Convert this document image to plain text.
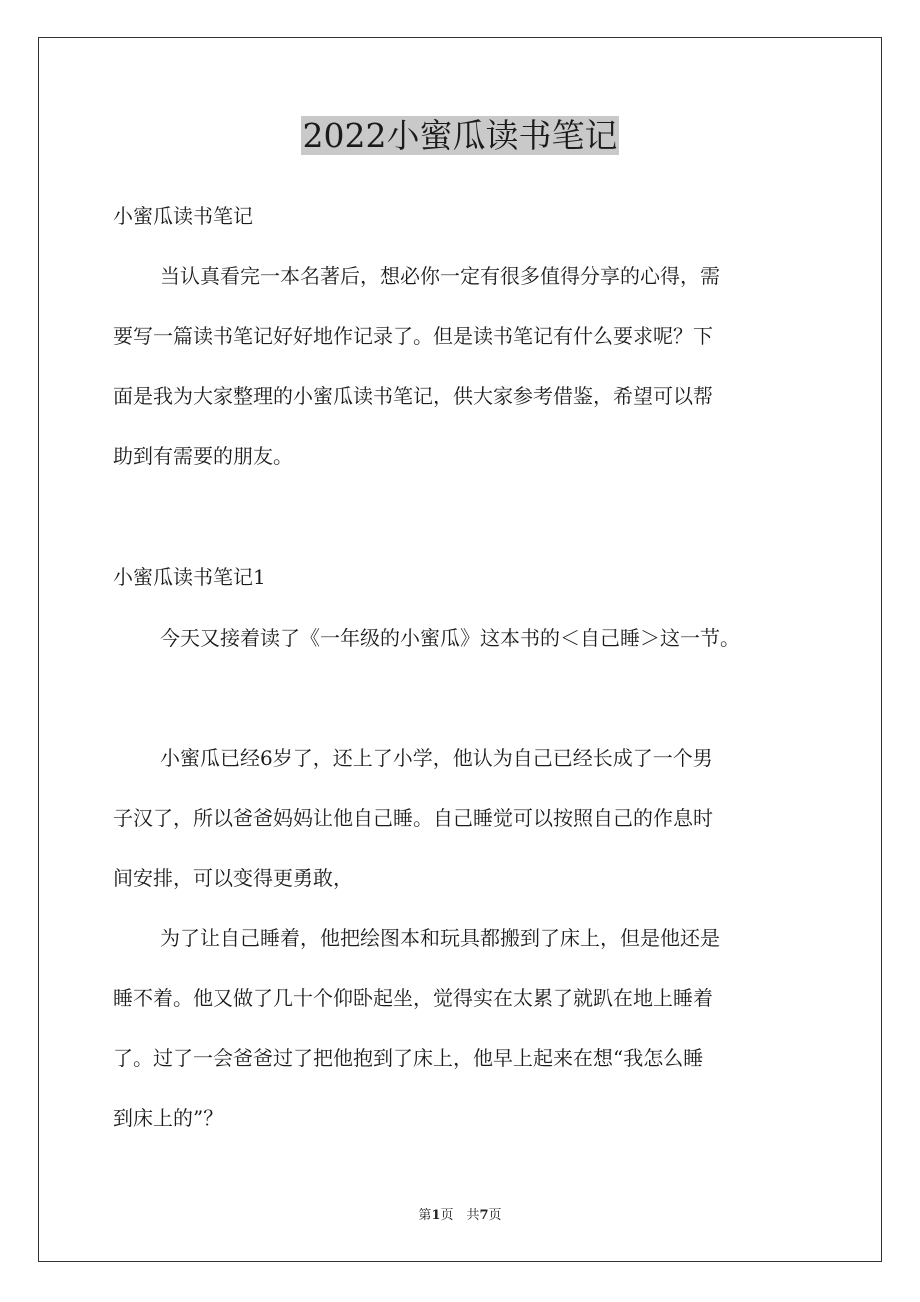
2022小蜜瓜读书笔记

小蜜瓜读书笔记

当认真看完一本名著后，想必你一定有很多值得分享的心得，需

要写一篇读书笔记好好地作记录了。但是读书笔记有什么要求呢？下

面是我为大家整理的小蜜瓜读书笔记，供大家参考借鉴，希望可以帮

助到有需要的朋友。

小蜜瓜读书笔记1

今天又接着读了《一年级的小蜜瓜》这本书的＜自己睡＞这一节。

小蜜瓜已经6岁了，还上了小学，他认为自己已经长成了一个男

子汉了，所以爸爸妈妈让他自己睡。自己睡觉可以按照自己的作息时

间安排，可以变得更勇敢，

为了让自己睡着，他把绘图本和玩具都搬到了床上，但是他还是

睡不着。他又做了几十个仰卧起坐，觉得实在太累了就趴在地上睡着

了。过了一会爸爸过了把他抱到了床上，他早上起来在想“我怎么睡

到床上的”？

第1页　共7页
